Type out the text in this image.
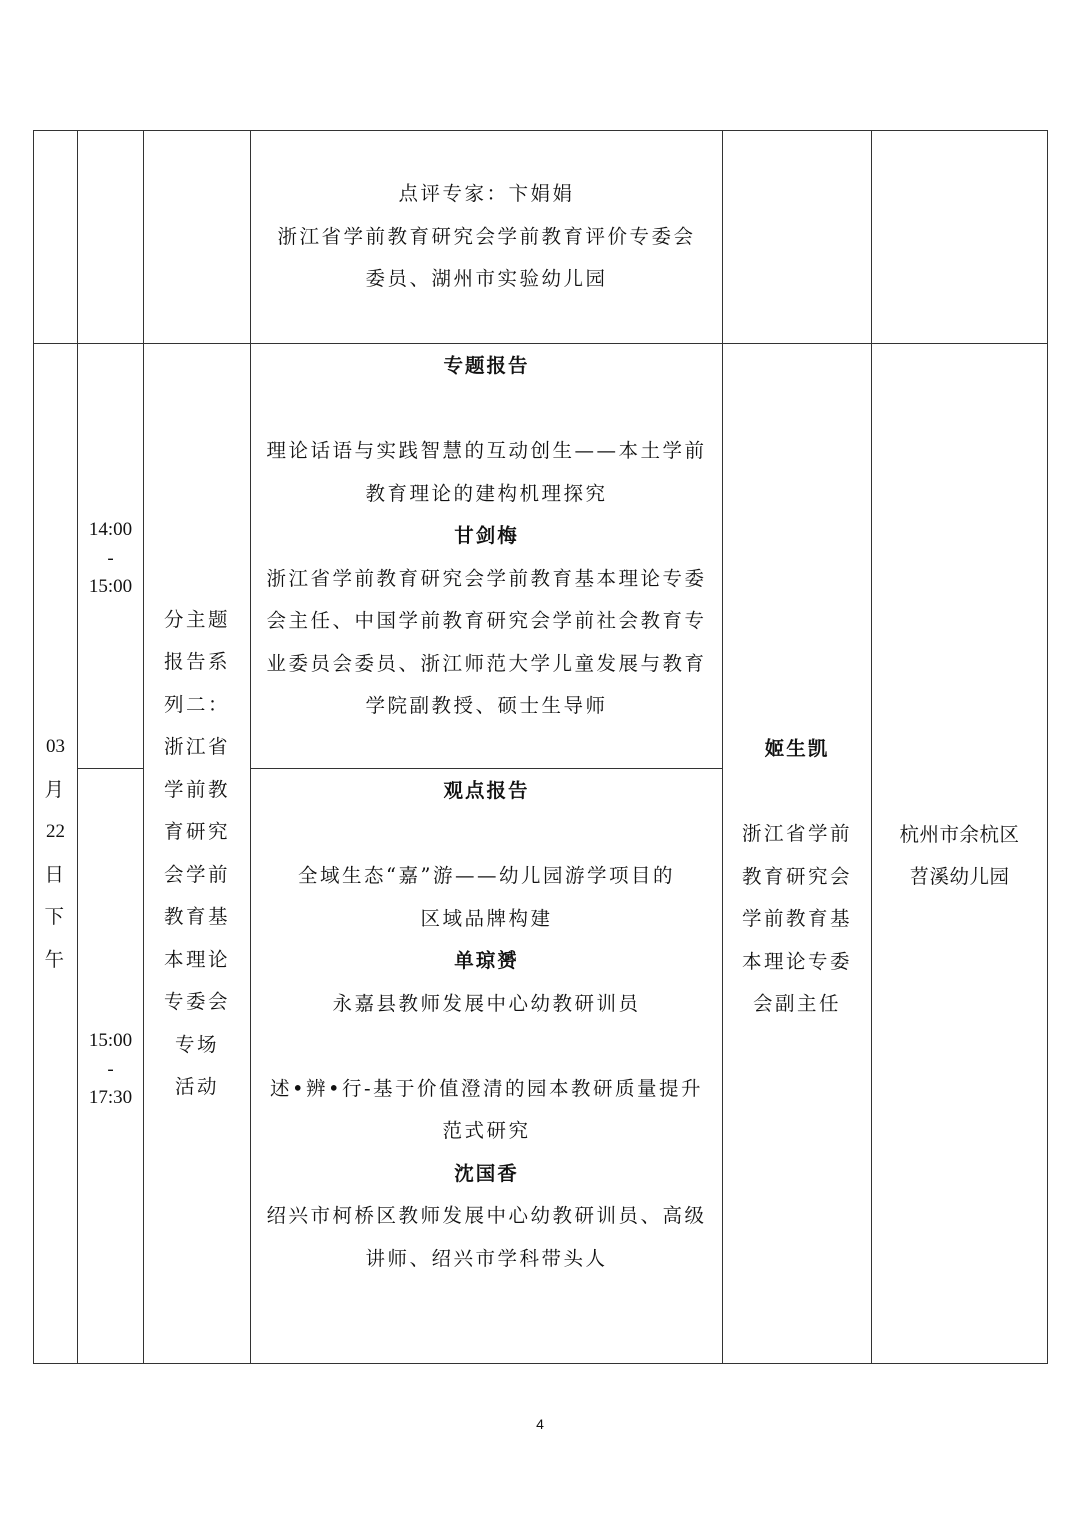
点评专家：卞娟娟
浙江省学前教育研究会学前教育评价专委会
委员、湖州市实验幼儿园
03
月
22
日
下
午
14:00
-
15:00
15:00
-
17:30
分主题
报告系
列二：
浙江省
学前教
育研究
会学前
教育基
本理论
专委会
专场
活动
专题报告
理论话语与实践智慧的互动创生——本土学前
教育理论的建构机理探究
甘剑梅
浙江省学前教育研究会学前教育基本理论专委
会主任、中国学前教育研究会学前社会教育专
业委员会委员、浙江师范大学儿童发展与教育
学院副教授、硕士生导师
观点报告
全域生态“嘉”游——幼儿园游学项目的
区域品牌构建
单琼赟
永嘉县教师发展中心幼教研训员
述•辨•行-基于价值澄清的园本教研质量提升
范式研究
沈国香
绍兴市柯桥区教师发展中心幼教研训员、高级
讲师、绍兴市学科带头人
姬生凯
浙江省学前
教育研究会
学前教育基
本理论专委
会副主任
杭州市余杭区
苕溪幼儿园
4
